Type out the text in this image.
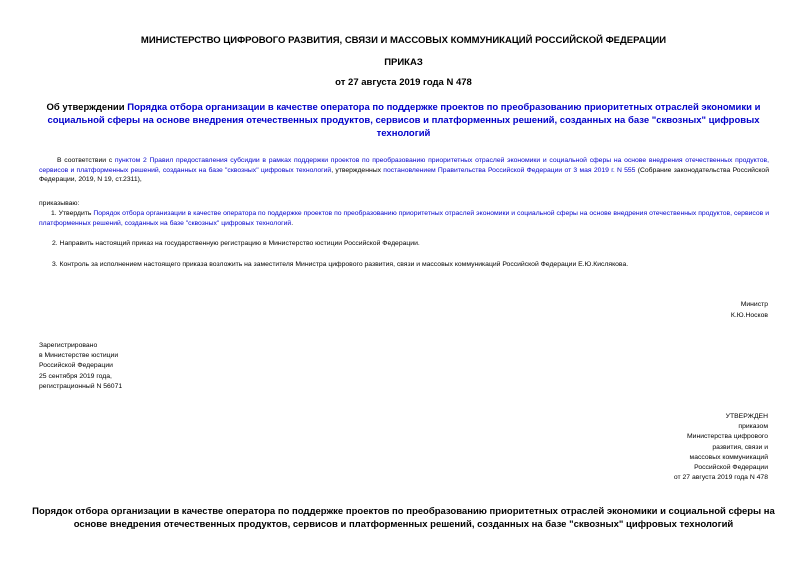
МИНИСТЕРСТВО ЦИФРОВОГО РАЗВИТИЯ, СВЯЗИ И МАССОВЫХ КОММУНИКАЦИЙ РОССИЙСКОЙ ФЕДЕРАЦИИ
ПРИКАЗ
от 27 августа 2019 года N 478
Об утверждении Порядка отбора организации в качестве оператора по поддержке проектов по преобразованию приоритетных отраслей экономики и социальной сферы на основе внедрения отечественных продуктов, сервисов и платформенных решений, созданных на базе "сквозных" цифровых технологий
В соответствии с пунктом 2 Правил предоставления субсидии в рамках поддержки проектов по преобразованию приоритетных отраслей экономики и социальной сферы на основе внедрения отечественных продуктов, сервисов и платформенных решений, созданных на базе "сквозных" цифровых технологий, утвержденных постановлением Правительства Российской Федерации от 3 мая 2019 г. N 555 (Собрание законодательства Российской Федерации, 2019, N 19, ст.2311),
приказываю:
1. Утвердить Порядок отбора организации в качестве оператора по поддержке проектов по преобразованию приоритетных отраслей экономики и социальной сферы на основе внедрения отечественных продуктов, сервисов и платформенных решений, созданных на базе "сквозных" цифровых технологий.
2. Направить настоящий приказ на государственную регистрацию в Министерство юстиции Российской Федерации.
3. Контроль за исполнением настоящего приказа возложить на заместителя Министра цифрового развития, связи и массовых коммуникаций Российской Федерации Е.Ю.Кислякова.
Министр
К.Ю.Носков
Зарегистрировано
в Министерстве юстиции
Российской Федерации
25 сентября 2019 года,
регистрационный N 56071
УТВЕРЖДЕН
приказом
Министерства цифрового
развития, связи и
массовых коммуникаций
Российской Федерации
от 27 августа 2019 года N 478
Порядок отбора организации в качестве оператора по поддержке проектов по преобразованию приоритетных отраслей экономики и социальной сферы на основе внедрения отечественных продуктов, сервисов и платформенных решений, созданных на базе "сквозных" цифровых технологий
